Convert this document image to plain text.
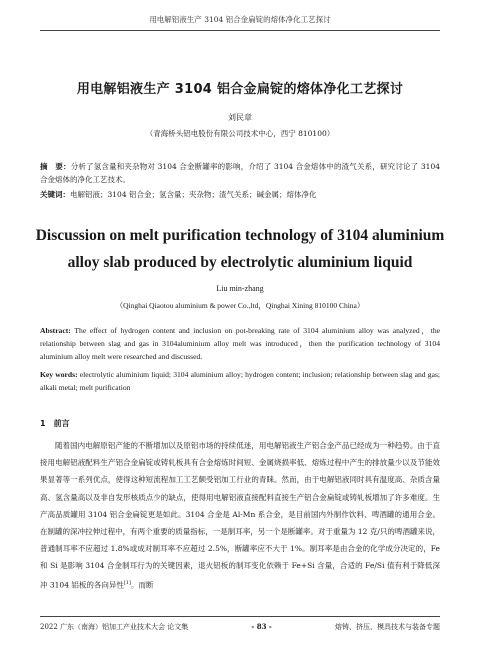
用电解铝液生产 3104 铝合金扁锭的熔体净化工艺探讨
用电解铝液生产 3104 铝合金扁锭的熔体净化工艺探讨
刘民章
（青海桥头铝电股份有限公司技术中心，西宁 810100）
摘　要：分析了氢含量和夹杂物对 3104 合金断罐率的影响，介绍了 3104 合金熔体中的渣气关系，研究讨论了 3104 合金熔体的净化工艺技术。
关键词：电解铝液；3104 铝合金；氢含量；夹杂物；渣气关系；碱金属；熔体净化
Discussion on melt purification technology of 3104 aluminium alloy slab produced by electrolytic aluminium liquid
Liu min-zhang
（Qinghai Qiaotou aluminium & power Co.,ltd，Qinghai Xining 810100 China）
Abstract: The effect of hydrogen content and inclusion on pot-breaking rate of 3104 aluminium alloy was analyzed，the relationship between slag and gas in 3104aluminium alloy melt was introduced，then the purification technology of 3104 aluminium alloy melt were researched and discussed.
Key words: electrolytic aluminium liquid; 3104 aluminium alloy; hydrogen content; inclusion; relationship between slag and gas; alkali metal; melt purification
1　前言
随着国内电解原铝产能的不断增加以及原铝市场的持续低迷，用电解铝液生产铝合金产品已经成为一种趋势。由于直接用电解铝液配料生产铝合金扁锭或铸轧板具有合金熔炼时间短、金属烧损率低、熔炼过程中产生的排放量少以及节能效果显著等一系列优点，使得这种短流程加工工艺颇受铝加工行业的青睐。然而，由于电解铝液同时具有温度高、杂质含量高、氢含量高以及非自发形核质点少的缺点，使得用电解铝液直接配料直接生产铝合金扁锭或铸轧板增加了许多难度。生产高品质罐用 3104 铝合金扁锭更是如此。3104 合金是 Al-Mn 系合金，是目前国内外制作饮料、啤酒罐的通用合金。在制罐的深冲拉伸过程中，有两个重要的质量指标，一是制耳率，另一个是断罐率。对于重量为 12 克/只的啤酒罐来说，普通制耳率不应超过 1.8%或成对制耳率不应超过 2.5%，断罐率应不大于 1%。制耳率是由合金的化学成分决定的，Fe 和 Si 是影响 3104 合金制耳行为的关键因素，退火铝板的制耳变化依赖于 Fe+Si 含量，合适的 Fe/Si 值有利于降低深冲 3104 铝板的各向异性[1]。而断
2022 广东（南海）铝加工产业技术大会 论文集	- 83 -	熔铸、挤压、模具技术与装备专题
